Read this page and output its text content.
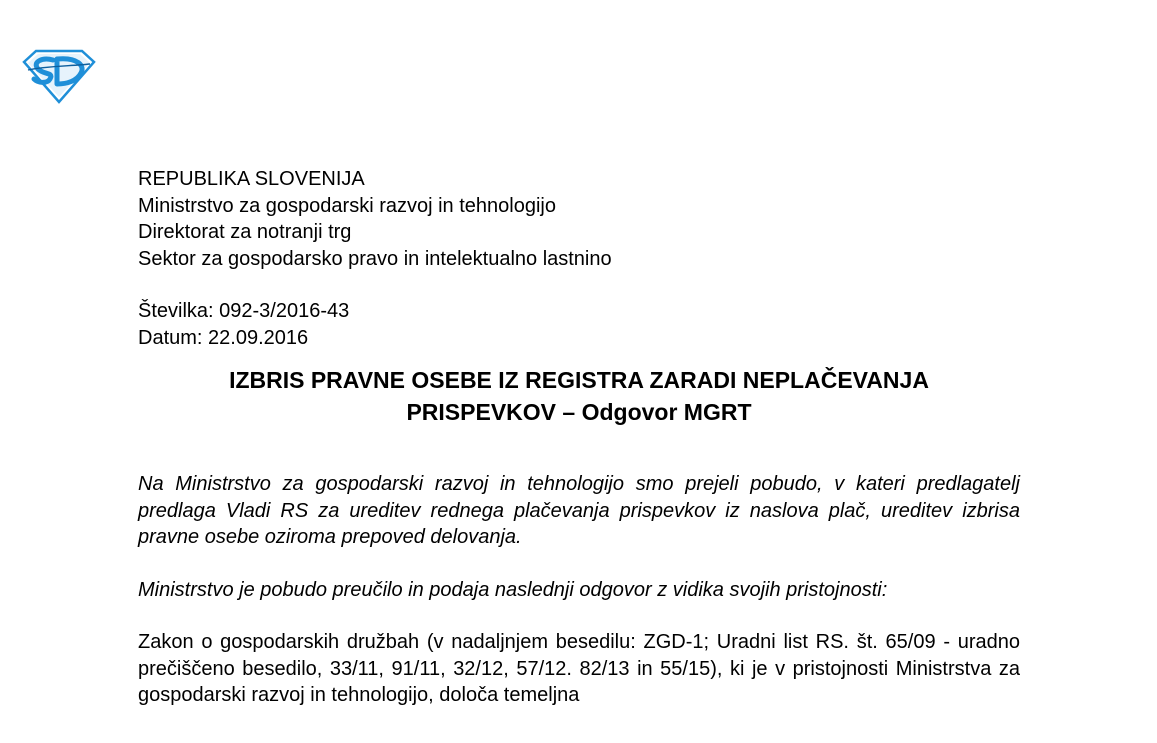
REPUBLIKA SLOVENIJA

Ministrstvo za gospodarski razvoj in tehnologijo

Direktorat za notranji trg

Sektor za gospodarsko pravo in intelektualno lastnino

Številka: 092-3/2016-43

Datum: 22.09.2016

IZBRIS PRAVNE OSEBE IZ REGISTRA ZARADI NEPLAČEVANJA

PRISPEVKOV – Odgovor MGRT

Na Ministrstvo za gospodarski razvoj in tehnologijo smo prejeli pobudo, v kateri predlagatelj predlaga Vladi RS za ureditev rednega plačevanja prispevkov iz naslova plač, ureditev izbrisa pravne osebe oziroma prepoved delovanja.

Ministrstvo je pobudo preučilo in podaja naslednji odgovor z vidika svojih pristojnosti:

Zakon o gospodarskih družbah (v nadaljnjem besedilu: ZGD-1; Uradni list RS. št. 65/09 - uradno prečiščeno besedilo, 33/11, 91/11, 32/12, 57/12. 82/13 in 55/15), ki je v pristojnosti Ministrstva za gospodarski razvoj in tehnologijo, določa temeljna
